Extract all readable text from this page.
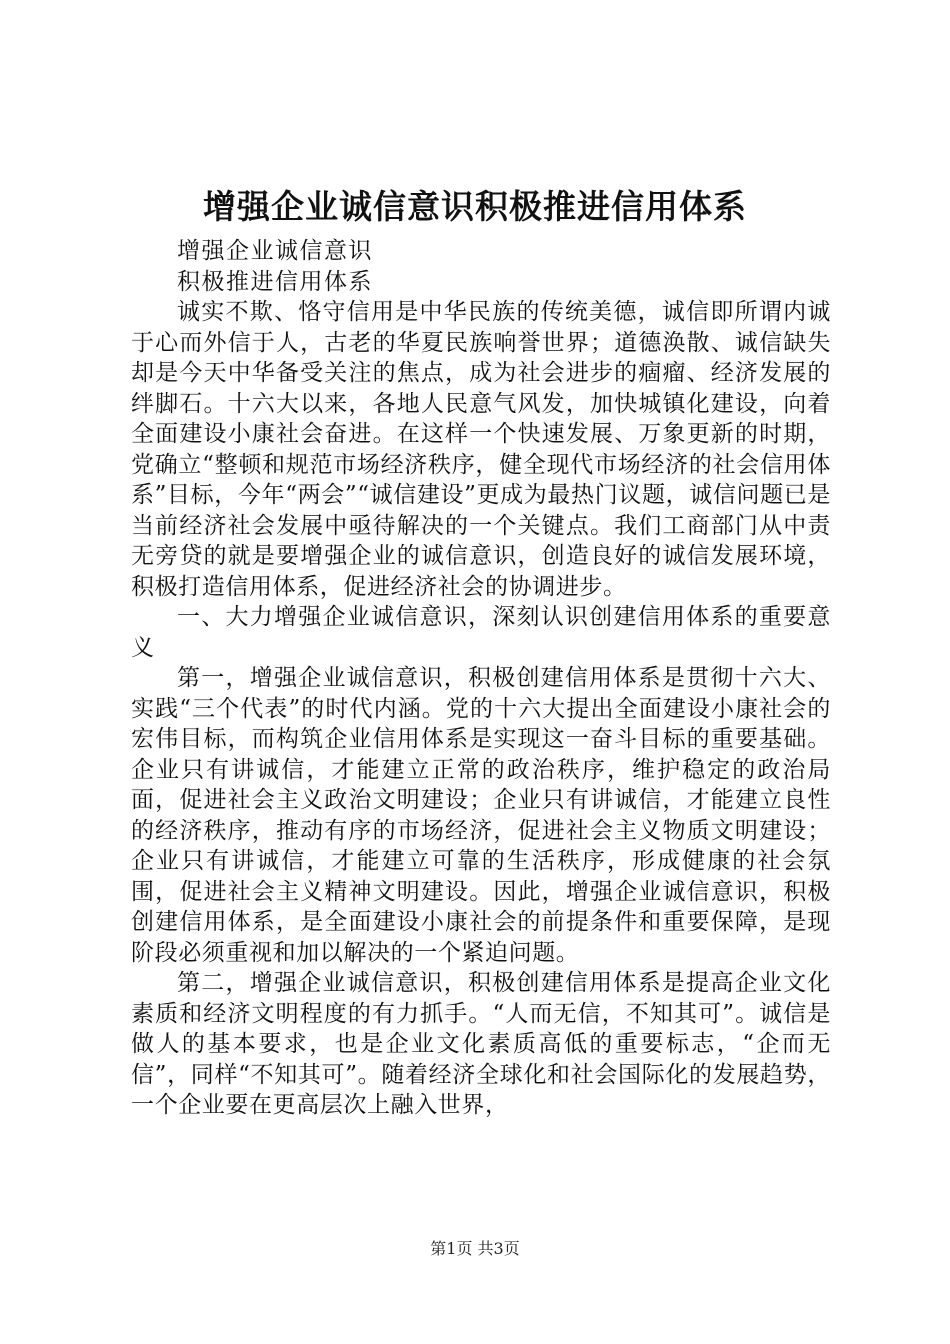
增强企业诚信意识积极推进信用体系

增强企业诚信意识

积极推进信用体系

诚实不欺、恪守信用是中华民族的传统美德，诚信即所谓内诚于心而外信于人，古老的华夏民族响誉世界；道德涣散、诚信缺失却是今天中华备受关注的焦点，成为社会进步的痼瘤、经济发展的绊脚石。十六大以来，各地人民意气风发，加快城镇化建设，向着全面建设小康社会奋进。在这样一个快速发展、万象更新的时期，党确立“整顿和规范市场经济秩序，健全现代市场经济的社会信用体系”目标，今年“两会”“诚信建设”更成为最热门议题，诚信问题已是当前经济社会发展中亟待解决的一个关键点。我们工商部门从中责无旁贷的就是要增强企业的诚信意识，创造良好的诚信发展环境，积极打造信用体系，促进经济社会的协调进步。

一、大力增强企业诚信意识，深刻认识创建信用体系的重要意义

第一，增强企业诚信意识，积极创建信用体系是贯彻十六大、实践“三个代表”的时代内涵。党的十六大提出全面建设小康社会的宏伟目标，而构筑企业信用体系是实现这一奋斗目标的重要基础。企业只有讲诚信，才能建立正常的政治秩序，维护稳定的政治局面，促进社会主义政治文明建设；企业只有讲诚信，才能建立良性的经济秩序，推动有序的市场经济，促进社会主义物质文明建设；企业只有讲诚信，才能建立可靠的生活秩序，形成健康的社会氛围，促进社会主义精神文明建设。因此，增强企业诚信意识，积极创建信用体系，是全面建设小康社会的前提条件和重要保障，是现阶段必须重视和加以解决的一个紧迫问题。

第二，增强企业诚信意识，积极创建信用体系是提高企业文化素质和经济文明程度的有力抓手。“人而无信，不知其可”。诚信是做人的基本要求，也是企业文化素质高低的重要标志，“企而无信”，同样“不知其可”。随着经济全球化和社会国际化的发展趋势，一个企业要在更高层次上融入世界，

第1页 共3页
